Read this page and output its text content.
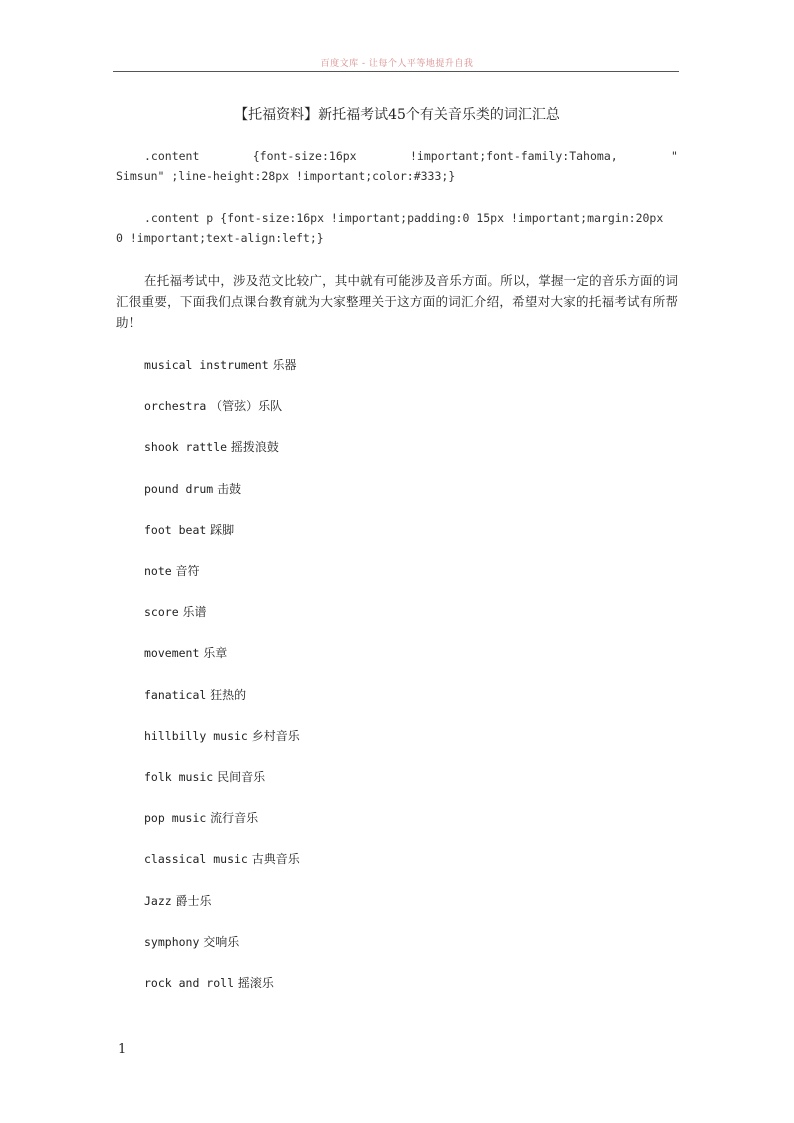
百度文库 - 让每个人平等地提升自我
【托福资料】新托福考试45个有关音乐类的词汇汇总
.content	{font-size:16px	!important;font-family:Tahoma,	"
Simsun" ;line-height:28px !important;color:#333;}
.content p {font-size:16px !important;padding:0 15px !important;margin:20px
0 !important;text-align:left;}
在托福考试中，涉及范文比较广，其中就有可能涉及音乐方面。所以，掌握一定的音乐方面的词汇很重要，下面我们点课台教育就为大家整理关于这方面的词汇介绍，希望对大家的托福考试有所帮助！
musical instrument 乐器
orchestra （管弦）乐队
shook rattle 摇拨浪鼓
pound drum 击鼓
foot beat 踩脚
note 音符
score 乐谱
movement 乐章
fanatical 狂热的
hillbilly music 乡村音乐
folk music 民间音乐
pop music 流行音乐
classical music 古典音乐
Jazz 爵士乐
symphony 交响乐
rock and roll 摇滚乐
1
